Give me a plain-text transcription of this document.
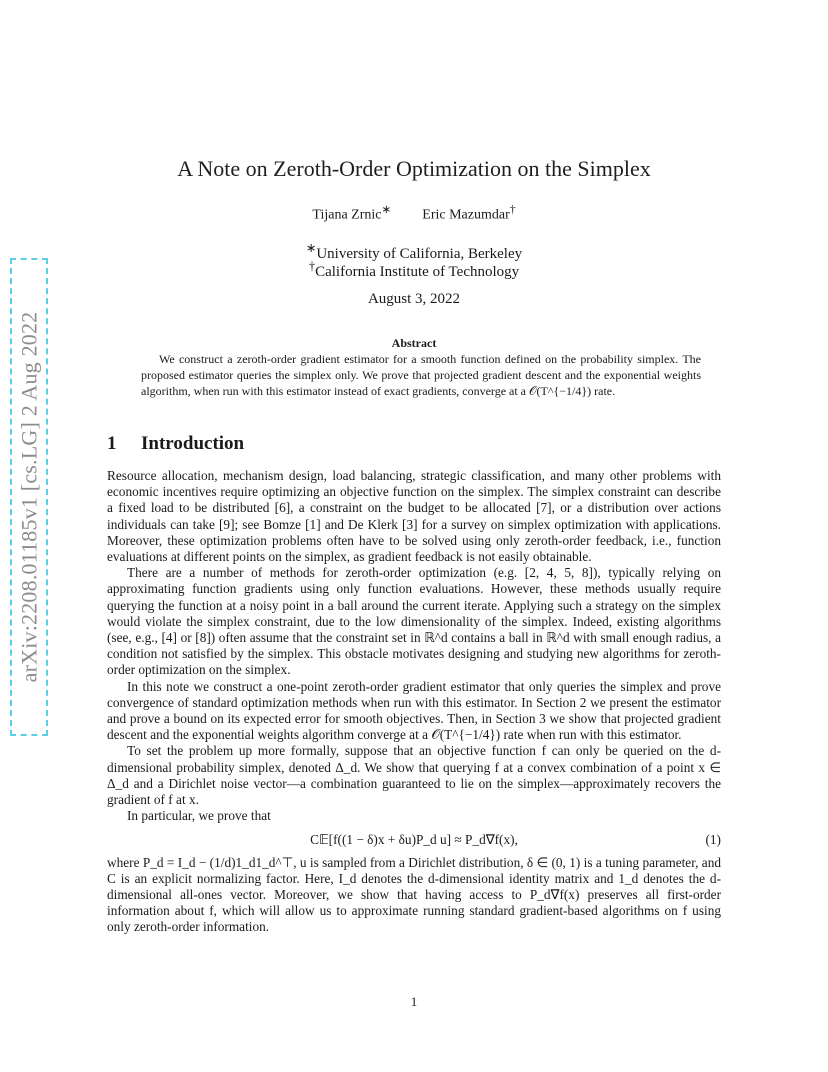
arXiv:2208.01185v1 [cs.LG] 2 Aug 2022
A Note on Zeroth-Order Optimization on the Simplex
Tijana Zrnic∗ Eric Mazumdar†
∗University of California, Berkeley
†California Institute of Technology
August 3, 2022
Abstract
We construct a zeroth-order gradient estimator for a smooth function defined on the probability simplex. The proposed estimator queries the simplex only. We prove that projected gradient descent and the exponential weights algorithm, when run with this estimator instead of exact gradients, converge at a 𝒪(T^{−1/4}) rate.
1 Introduction

Resource allocation, mechanism design, load balancing, strategic classification, and many other problems with economic incentives require optimizing an objective function on the simplex. The simplex constraint can describe a fixed load to be distributed [6], a constraint on the budget to be allocated [7], or a distribution over actions individuals can take [9]; see Bomze [1] and De Klerk [3] for a survey on simplex optimization with applications. Moreover, these optimization problems often have to be solved using only zeroth-order feedback, i.e., function evaluations at different points on the simplex, as gradient feedback is not easily obtainable.

There are a number of methods for zeroth-order optimization (e.g. [2, 4, 5, 8]), typically relying on approximating function gradients using only function evaluations. However, these methods usually require querying the function at a noisy point in a ball around the current iterate. Applying such a strategy on the simplex would violate the simplex constraint, due to the low dimensionality of the simplex. Indeed, existing algorithms (see, e.g., [4] or [8]) often assume that the constraint set in ℝ^d contains a ball in ℝ^d with small enough radius, a condition not satisfied by the simplex. This obstacle motivates designing and studying new algorithms for zeroth-order optimization on the simplex.

In this note we construct a one-point zeroth-order gradient estimator that only queries the simplex and prove convergence of standard optimization methods when run with this estimator. In Section 2 we present the estimator and prove a bound on its expected error for smooth objectives. Then, in Section 3 we show that projected gradient descent and the exponential weights algorithm converge at a 𝒪(T^{−1/4}) rate when run with this estimator.

To set the problem up more formally, suppose that an objective function f can only be queried on the d-dimensional probability simplex, denoted Δ_d. We show that querying f at a convex combination of a point x ∈ Δ_d and a Dirichlet noise vector—a combination guaranteed to lie on the simplex—approximately recovers the gradient of f at x.

In particular, we prove that

C𝔼[f((1 − δ)x + δu)P_d u] ≈ P_d∇f(x),	(1)

where P_d = I_d − (1/d)1_d1_d^⊤, u is sampled from a Dirichlet distribution, δ ∈ (0, 1) is a tuning parameter, and C is an explicit normalizing factor. Here, I_d denotes the d-dimensional identity matrix and 1_d denotes the d-dimensional all-ones vector. Moreover, we show that having access to P_d∇f(x) preserves all first-order information about f, which will allow us to approximate running standard gradient-based algorithms on f using only zeroth-order information.

1
